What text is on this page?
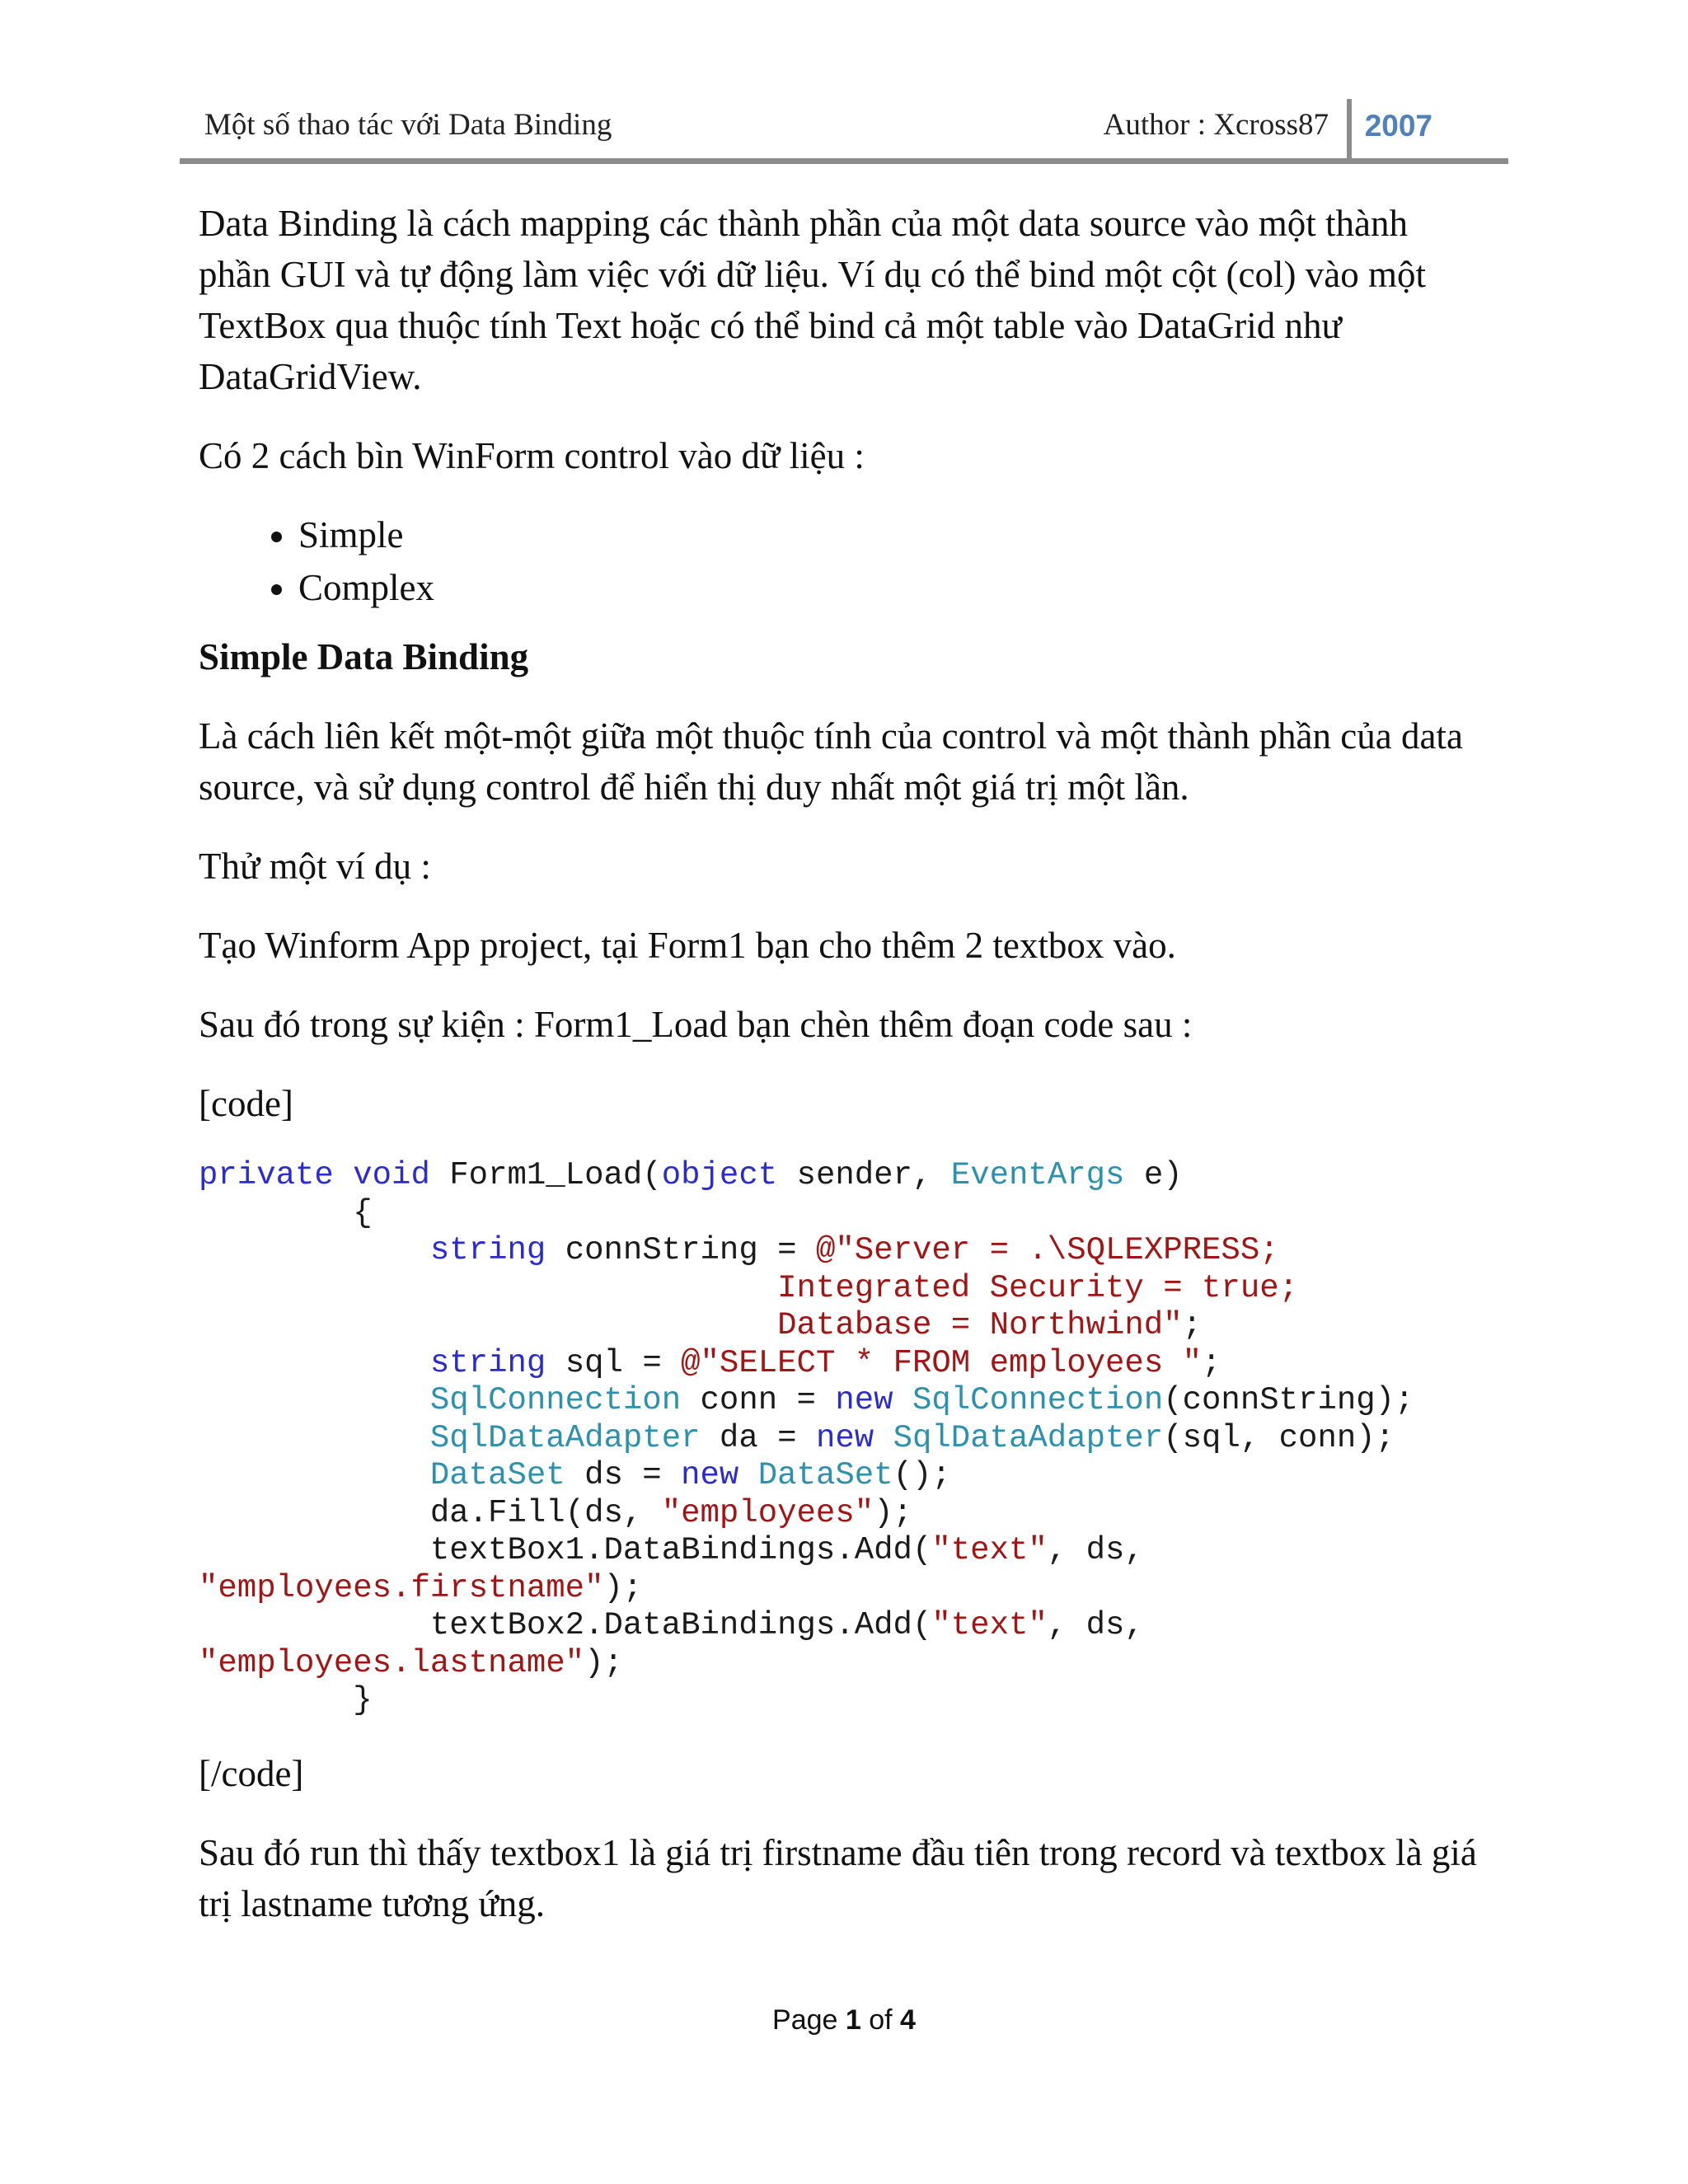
Một số thao tác với Data Binding	Author : Xcross87 2007

Data Binding là cách mapping các thành phần của một data source vào một thành phần GUI và tự động làm việc với dữ liệu. Ví dụ có thể bind một cột (col) vào một TextBox qua thuộc tính Text hoặc có thể bind cả một table vào DataGrid như DataGridView.

Có 2 cách bìn WinForm control vào dữ liệu :

• Simple
• Complex

Simple Data Binding

Là cách liên kết một-một giữa một thuộc tính của control và một thành phần của data source, và sử dụng control để hiển thị duy nhất một giá trị một lần.

Thử một ví dụ :

Tạo Winform App project, tại Form1 bạn cho thêm 2 textbox vào.

Sau đó trong sự kiện : Form1_Load bạn chèn thêm đoạn code sau :

[code]

private void Form1_Load(object sender, EventArgs e)
{
string connString = @"Server = .\SQLEXPRESS;
Integrated Security = true;
Database = Northwind";
string sql = @"SELECT * FROM employees ";
SqlConnection conn = new SqlConnection(connString);
SqlDataAdapter da = new SqlDataAdapter(sql, conn);
DataSet ds = new DataSet();
da.Fill(ds, "employees");
textBox1.DataBindings.Add("text", ds,
"employees.firstname");
textBox2.DataBindings.Add("text", ds,
"employees.lastname");
}

[/code]

Sau đó run thì thấy textbox1 là giá trị firstname đầu tiên trong record và textbox là giá trị lastname tương ứng.

Page 1 of 4
